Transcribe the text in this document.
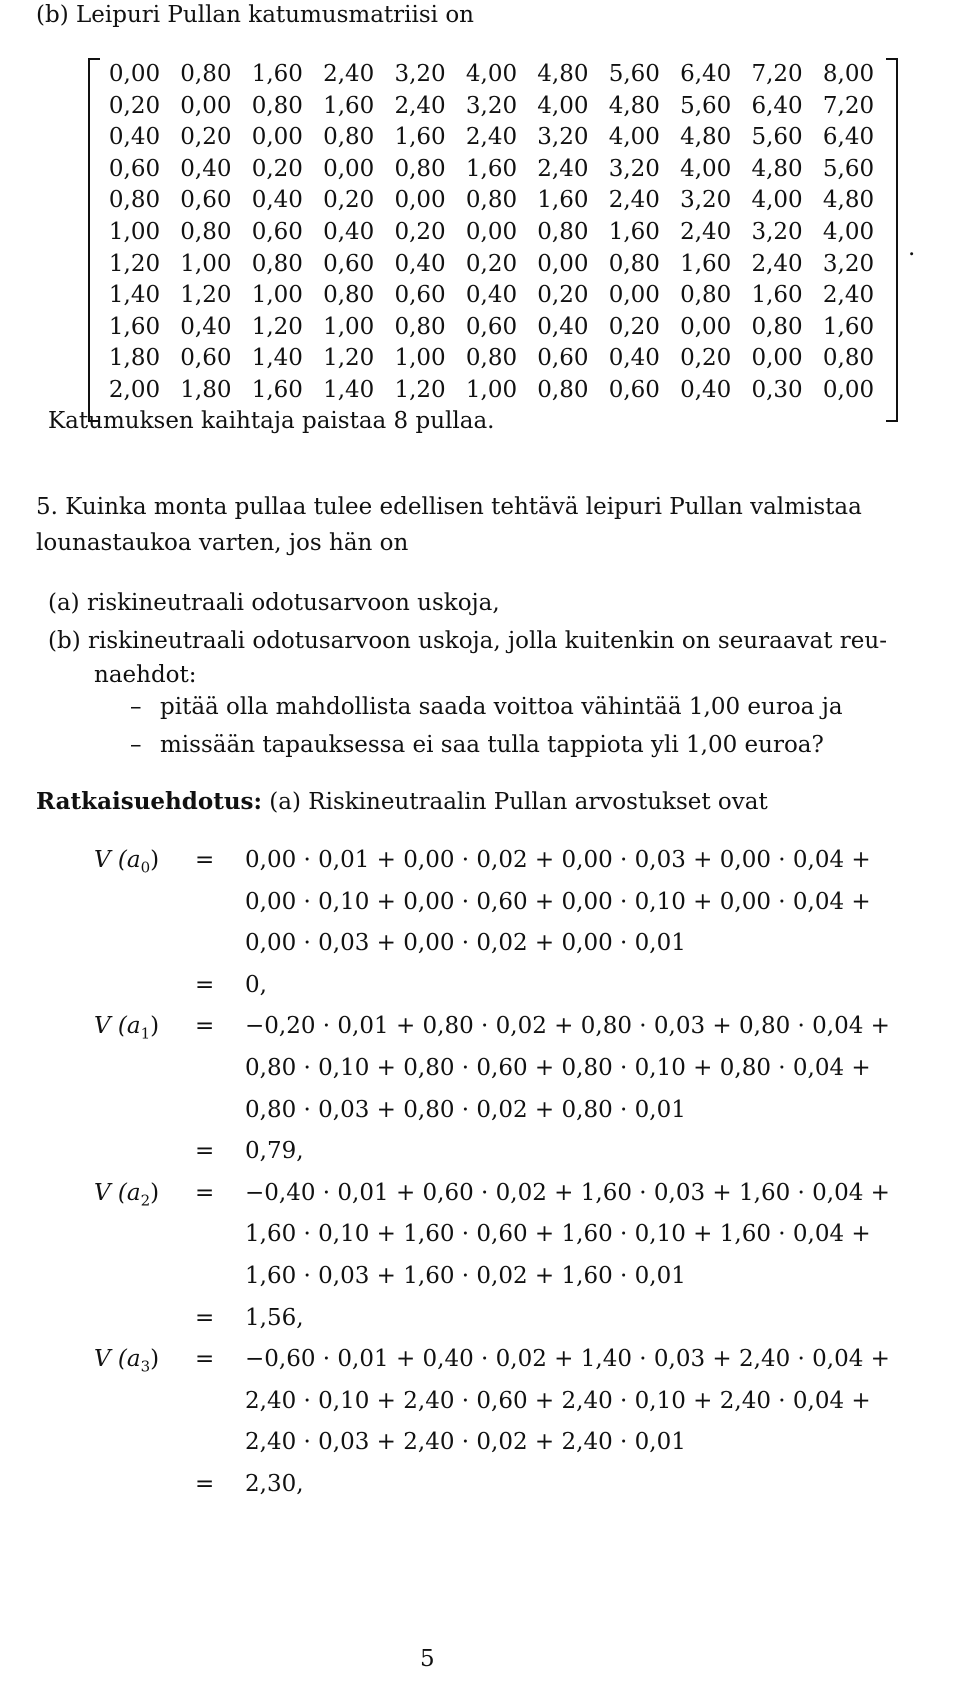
(b) Leipuri Pullan katumusmatriisi on
0,00 0,80 1,60 2,40 3,20 4,00 4,80 5,60 6,40 7,20 8,00
0,20 0,00 0,80 1,60 2,40 3,20 4,00 4,80 5,60 6,40 7,20
0,40 0,20 0,00 0,80 1,60 2,40 3,20 4,00 4,80 5,60 6,40
0,60 0,40 0,20 0,00 0,80 1,60 2,40 3,20 4,00 4,80 5,60
0,80 0,60 0,40 0,20 0,00 0,80 1,60 2,40 3,20 4,00 4,80
1,00 0,80 0,60 0,40 0,20 0,00 0,80 1,60 2,40 3,20 4,00
1,20 1,00 0,80 0,60 0,40 0,20 0,00 0,80 1,60 2,40 3,20
1,40 1,20 1,00 0,80 0,60 0,40 0,20 0,00 0,80 1,60 2,40
1,60 0,40 1,20 1,00 0,80 0,60 0,40 0,20 0,00 0,80 1,60
1,80 0,60 1,40 1,20 1,00 0,80 0,60 0,40 0,20 0,00 0,80
2,00 1,80 1,60 1,40 1,20 1,00 0,80 0,60 0,40 0,30 0,00
.
Katumuksen kaihtaja paistaa 8 pullaa.
5. Kuinka monta pullaa tulee edellisen tehtävä leipuri Pullan valmistaa
lounastaukoa varten, jos hän on
(a) riskineutraali odotusarvoon uskoja,
(b) riskineutraali odotusarvoon uskoja, jolla kuitenkin on seuraavat reu-
naehdot:
– pitää olla mahdollista saada voittoa vähintää 1,00 euroa ja
– missään tapauksessa ei saa tulla tappiota yli 1,00 euroa?
Ratkaisuehdotus: (a) Riskineutraalin Pullan arvostukset ovat
V $(a_0) = 0,00 \cdot 0,01 + 0,00 \cdot 0,02 + 0,00 \cdot 0,03 + 0,00 \cdot 0,04$ +
0,00 · 0,10 + 0,00 · 0,60 + 0,00 · 0,10 + 0,00 · 0,04 +
0,00 · 0,03 + 0,00 · 0,02 + 0,00 · 0,01
= 0,
V $(a_1) = -0,20 \cdot 0,01 + 0,80 \cdot 0,02 + 0,80 \cdot 0,03 + 0,80 \cdot 0,04$ +
0,80 · 0,10 + 0,80 · 0,60 + 0,80 · 0,10 + 0,80 · 0,04 +
0,80 · 0,03 + 0,80 · 0,02 + 0,80 · 0,01
= 0,79,
V $(a_2) = -0,40 \cdot 0,01 + 0,60 \cdot 0,02 + 1,60 \cdot 0,03 + 1,60 \cdot 0,04$ +
1,60 · 0,10 + 1,60 · 0,60 + 1,60 · 0,10 + 1,60 · 0,04 +
1,60 · 0,03 + 1,60 · 0,02 + 1,60 · 0,01
= 1,56,
V $(a_3) = -0,60 \cdot 0,01 + 0,40 \cdot 0,02 + 1,40 \cdot 0,03 + 2,40 \cdot 0,04$ +
2,40 · 0,10 + 2,40 · 0,60 + 2,40 · 0,10 + 2,40 · 0,04 +
2,40 · 0,03 + 2,40 · 0,02 + 2,40 · 0,01
= 2,30,
5
